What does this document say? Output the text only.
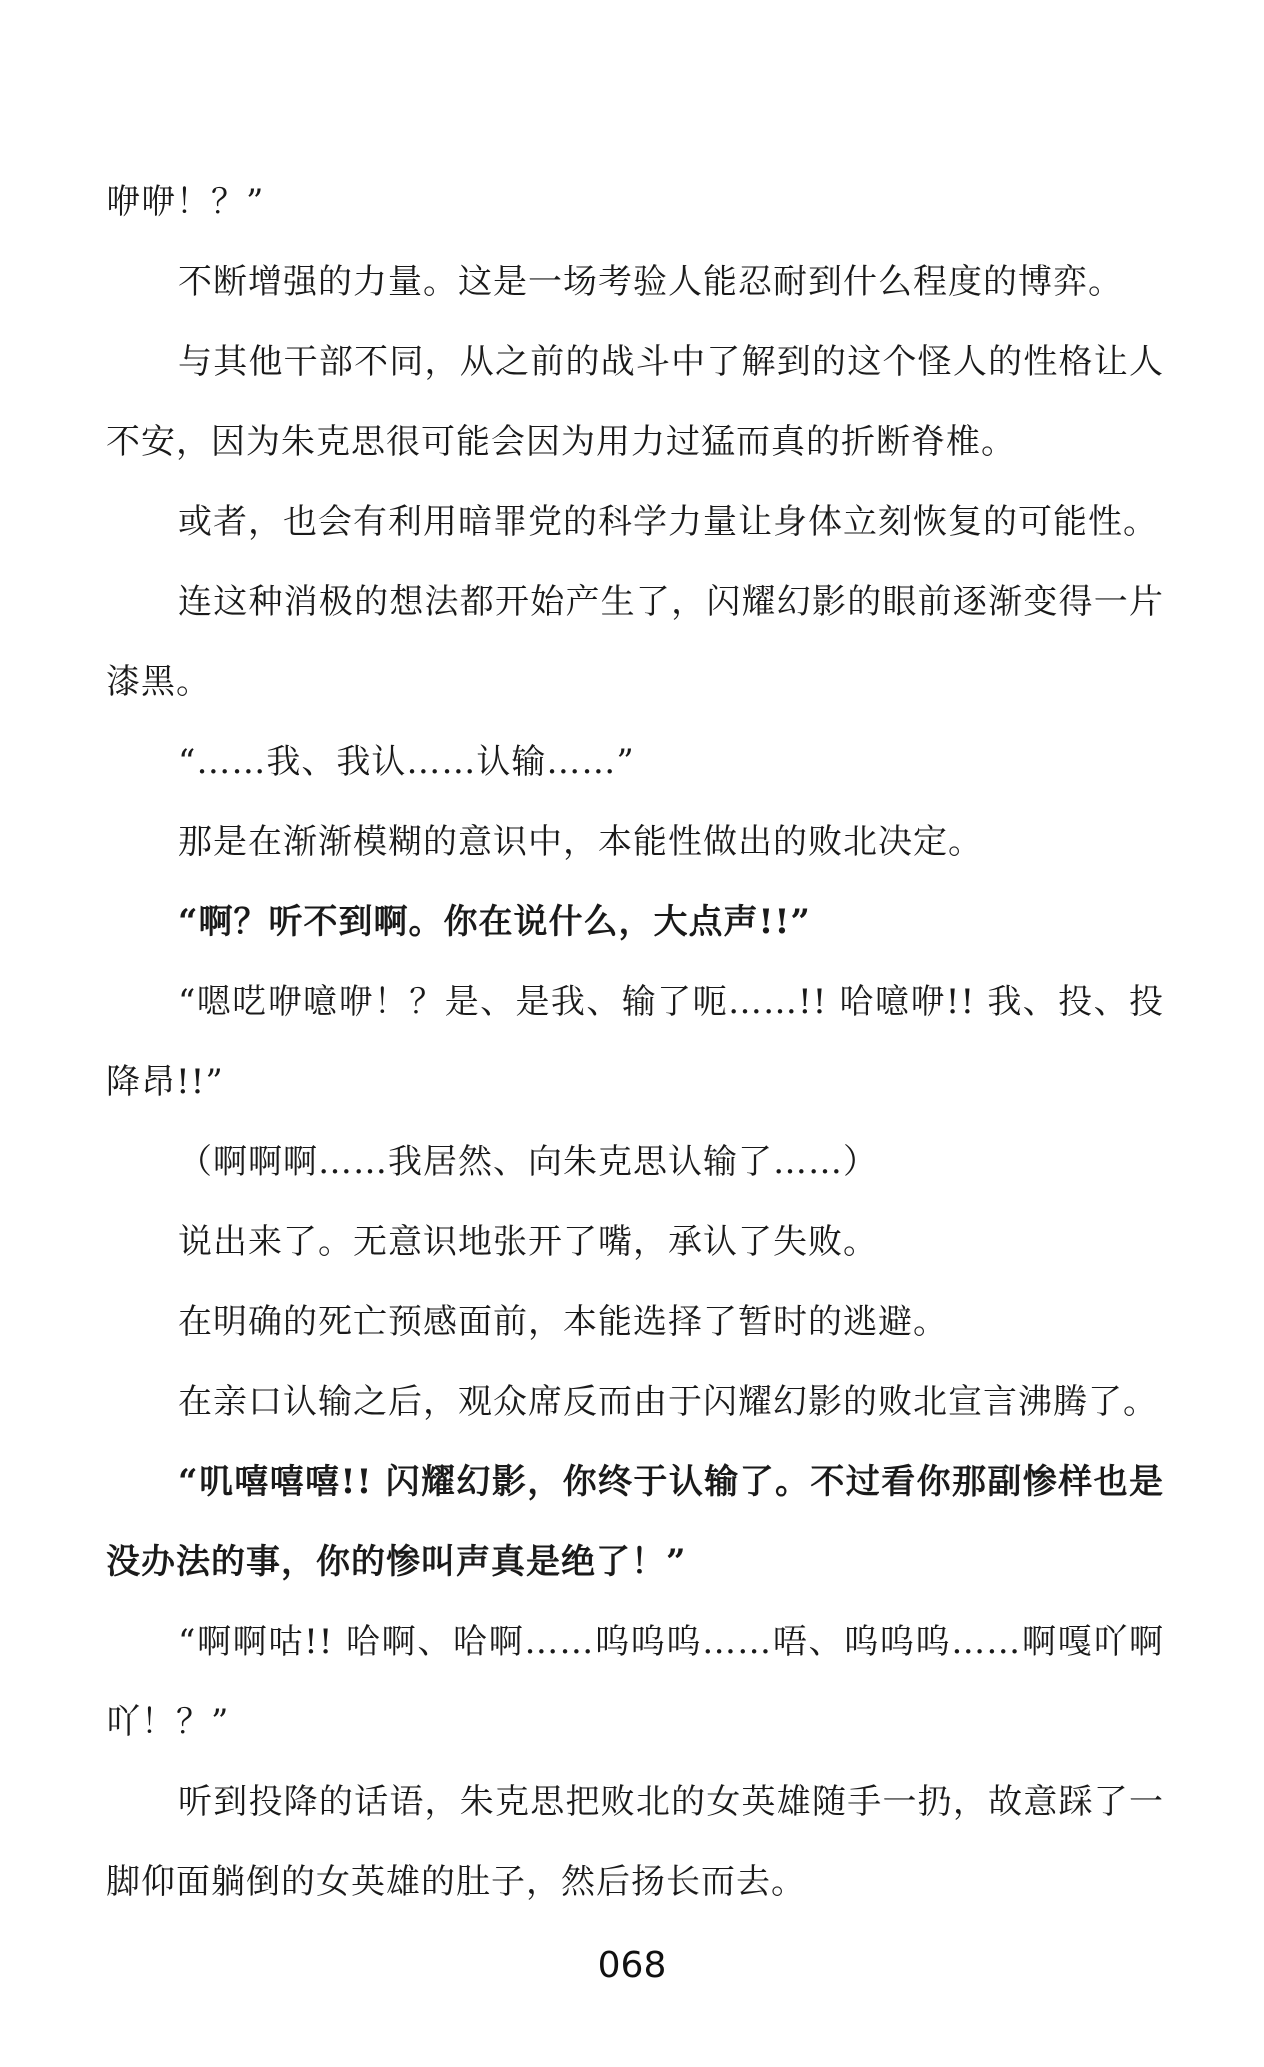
咿咿！？”

不断增强的力量。这是一场考验人能忍耐到什么程度的博弈。

与其他干部不同，从之前的战斗中了解到的这个怪人的性格让人不安，因为朱克思很可能会因为用力过猛而真的折断脊椎。

或者，也会有利用暗罪党的科学力量让身体立刻恢复的可能性。

连这种消极的想法都开始产生了，闪耀幻影的眼前逐渐变得一片漆黑。

“……我、我认……认输……”

那是在渐渐模糊的意识中，本能性做出的败北决定。

“啊？听不到啊。你在说什么，大点声!!”

“嗯呓咿噫咿！？是、是我、输了呃……!! 哈噫咿!! 我、投、投降昂!!”

（啊啊啊……我居然、向朱克思认输了……）

说出来了。无意识地张开了嘴，承认了失败。

在明确的死亡预感面前，本能选择了暂时的逃避。

在亲口认输之后，观众席反而由于闪耀幻影的败北宣言沸腾了。

“叽嘻嘻嘻!! 闪耀幻影，你终于认输了。不过看你那副惨样也是没办法的事，你的惨叫声真是绝了！”

“啊啊咕!! 哈啊、哈啊……呜呜呜……唔、呜呜呜……啊嘎吖啊吖！？”

听到投降的话语，朱克思把败北的女英雄随手一扔，故意踩了一脚仰面躺倒的女英雄的肚子，然后扬长而去。

068
